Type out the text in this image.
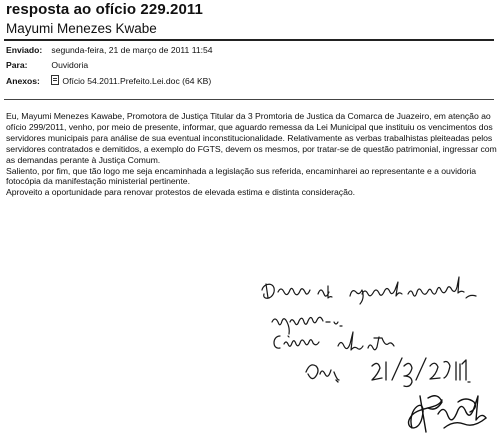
resposta ao ofício 229.2011
Mayumi Menezes Kwabe
Enviado: segunda-feira, 21 de março de 2011 11:54
Para:	Ouvidoria
Anexos:	Ofício 54.2011.Prefeito.Lei.doc (64 KB)

Eu, Mayumi Menezes Kawabe, Promotora de Justiça Titular da 3 Promtoria de Justica da Comarca de Juazeiro, em atenção ao ofício 299/2011, venho, por meio de presente, informar, que aguardo remessa da Lei Municipal que instituiu os vencimentos dos servidores municipais para análise de sua eventual inconstitucionalidade. Relativamente as verbas trabalhistas pleiteadas pelos servidores contratados e demitidos, a exemplo do FGTS, devem os mesmos, por tratar-se de questão patrimonial, ingressar com as demandas perante à Justiça Comum.

Saliento, por fim, que tão logo me seja encaminhada a legislação sus referida, encaminharei ao representante e a ouvidoria fotocópia da manifestação ministerial pertinente.

Aproveito a oportunidade para renovar protestos de elevada estima e distinta consideração.
